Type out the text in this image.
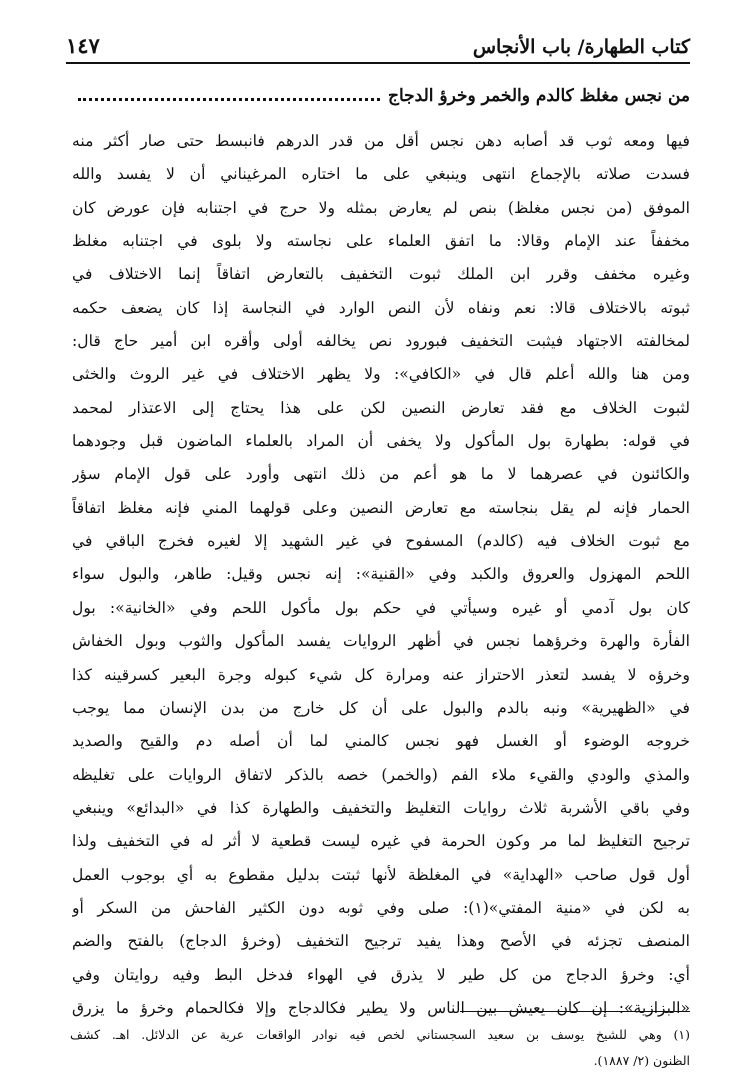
كتاب الطهارة/ باب الأنجاس
١٤٧
من نجس مغلظ كالدم والخمر وخرؤ الدجاج
فيها ومعه ثوب قد أصابه دهن نجس أقل من قدر الدرهم فانبسط حتى صار أكثر منه
فسدت صلاته بالإجماع انتهى وينبغي على ما اختاره المرغيناني أن لا يفسد والله
الموفق (من نجس مغلظ) بنص لم يعارض بمثله ولا حرج في اجتنابه فإن عورض كان
مخففاً عند الإمام وقالا: ما اتفق العلماء على نجاسته ولا بلوى في اجتنابه مغلظ
وغيره مخفف وقرر ابن الملك ثبوت التخفيف بالتعارض اتفاقاً إنما الاختلاف في
ثبوته بالاختلاف قالا: نعم ونفاه لأن النص الوارد في النجاسة إذا كان يضعف حكمه
لمخالفته الاجتهاد فيثبت التخفيف فبورود نص يخالفه أولى وأقره ابن أمير حاج قال:
ومن هنا والله أعلم قال في «الكافي»: ولا يظهر الاختلاف في غير الروث والخثى
لثبوت الخلاف مع فقد تعارض النصين لكن على هذا يحتاج إلى الاعتذار لمحمد
في قوله: بطهارة بول المأكول ولا يخفى أن المراد بالعلماء الماضون قبل وجودهما
والكائنون في عصرهما لا ما هو أعم من ذلك انتهى وأورد على قول الإمام سؤر
الحمار فإنه لم يقل بنجاسته مع تعارض النصين وعلى قولهما المني فإنه مغلظ اتفاقاً
مع ثبوت الخلاف فيه (كالدم) المسفوح في غير الشهيد إلا لغيره فخرج الباقي في
اللحم المهزول والعروق والكبد وفي «القنية»: إنه نجس وقيل: طاهر، والبول سواء
كان بول آدمي أو غيره وسيأتي في حكم بول مأكول اللحم وفي «الخانية»: بول
الفأرة والهرة وخرؤهما نجس في أظهر الروايات يفسد المأكول والثوب وبول الخفاش
وخرؤه لا يفسد لتعذر الاحتراز عنه ومرارة كل شيء كبوله وجرة البعير كسرقينه كذا
في «الظهيرية» ونبه بالدم والبول على أن كل خارج من بدن الإنسان مما يوجب
خروجه الوضوء أو الغسل فهو نجس كالمني لما أن أصله دم والقيح والصديد
والمذي والودي والقيء ملاء الفم (والخمر) خصه بالذكر لاتفاق الروايات على تغليظه
وفي باقي الأشربة ثلاث روايات التغليظ والتخفيف والطهارة كذا في «البدائع» وينبغي
ترجيح التغليظ لما مر وكون الحرمة في غيره ليست قطعية لا أثر له في التخفيف ولذا
أول قول صاحب «الهداية» في المغلظة لأنها ثبتت بدليل مقطوع به أي بوجوب العمل
به لكن في «منية المفتي»(١): صلى وفي ثوبه دون الكثير الفاحش من السكر أو
المنصف تجزئه في الأصح وهذا يفيد ترجيح التخفيف (وخرؤ الدجاج) بالفتح والضم
أي: وخرؤ الدجاج من كل طير لا يذرق في الهواء فدخل البط وفيه روايتان وفي
«البزازية»: إن كان يعيش بين الناس ولا يطير فكالدجاج وإلا فكالحمام وخرؤ ما يزرق
(١) وهي للشيخ يوسف بن سعيد السجستاني لخص فيه نوادر الواقعات عرية عن الدلائل. اهـ. كشف
الظنون (٢/ ١٨٨٧).
